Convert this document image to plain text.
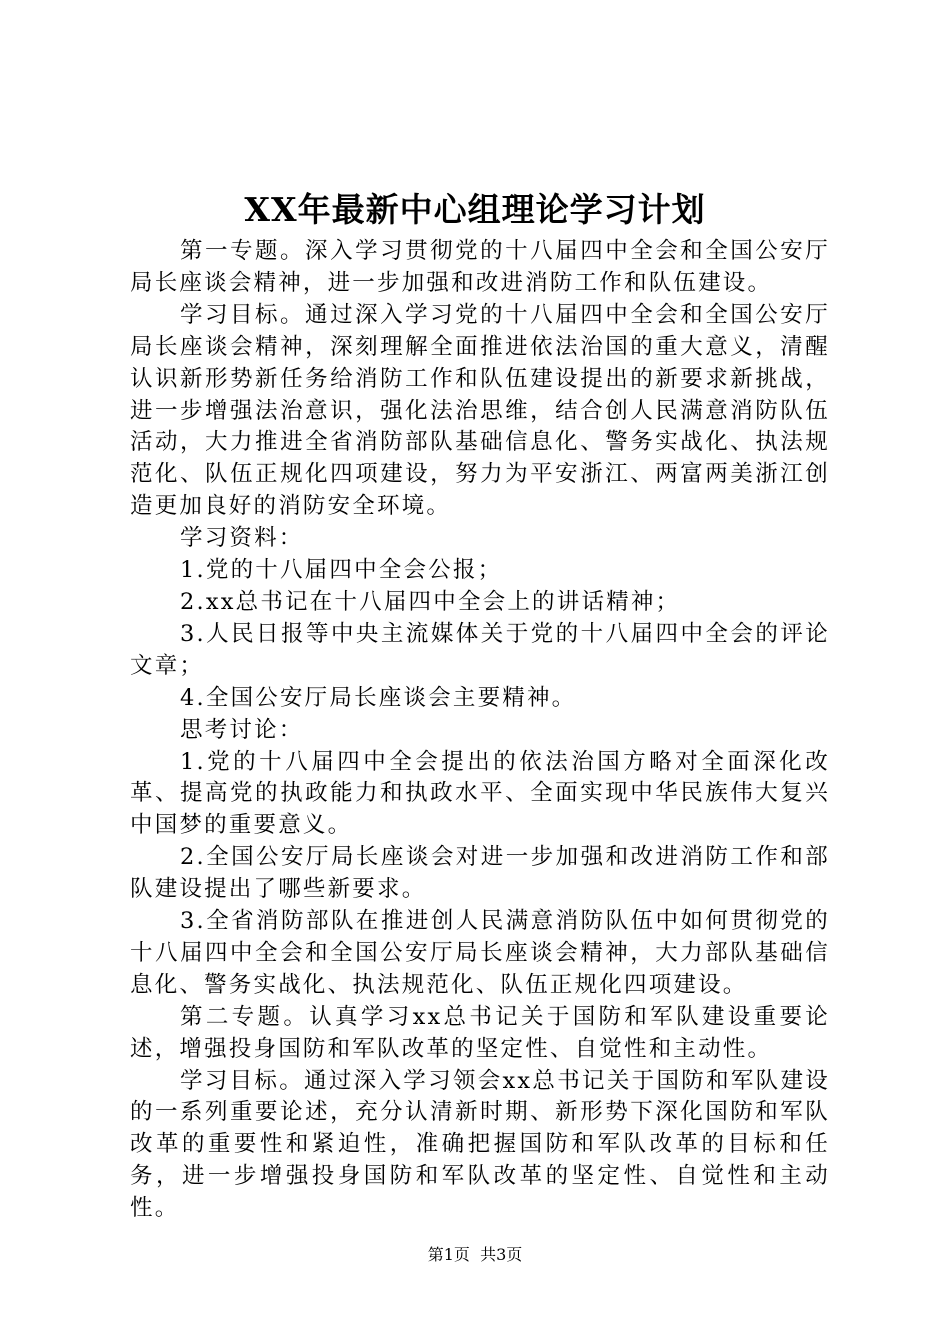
XX年最新中心组理论学习计划

第一专题。深入学习贯彻党的十八届四中全会和全国公安厅局长座谈会精神，进一步加强和改进消防工作和队伍建设。

学习目标。通过深入学习党的十八届四中全会和全国公安厅局长座谈会精神，深刻理解全面推进依法治国的重大意义，清醒认识新形势新任务给消防工作和队伍建设提出的新要求新挑战，进一步增强法治意识，强化法治思维，结合创人民满意消防队伍活动，大力推进全省消防部队基础信息化、警务实战化、执法规范化、队伍正规化四项建设，努力为平安浙江、两富两美浙江创造更加良好的消防安全环境。

学习资料：

1.党的十八届四中全会公报；

2.xx总书记在十八届四中全会上的讲话精神；

3.人民日报等中央主流媒体关于党的十八届四中全会的评论文章；

4.全国公安厅局长座谈会主要精神。

思考讨论：

1.党的十八届四中全会提出的依法治国方略对全面深化改革、提高党的执政能力和执政水平、全面实现中华民族伟大复兴中国梦的重要意义。

2.全国公安厅局长座谈会对进一步加强和改进消防工作和部队建设提出了哪些新要求。

3.全省消防部队在推进创人民满意消防队伍中如何贯彻党的十八届四中全会和全国公安厅局长座谈会精神，大力部队基础信息化、警务实战化、执法规范化、队伍正规化四项建设。

第二专题。认真学习xx总书记关于国防和军队建设重要论述，增强投身国防和军队改革的坚定性、自觉性和主动性。

学习目标。通过深入学习领会xx总书记关于国防和军队建设的一系列重要论述，充分认清新时期、新形势下深化国防和军队改革的重要性和紧迫性，准确把握国防和军队改革的目标和任务，进一步增强投身国防和军队改革的坚定性、自觉性和主动性。

第1页  共3页
